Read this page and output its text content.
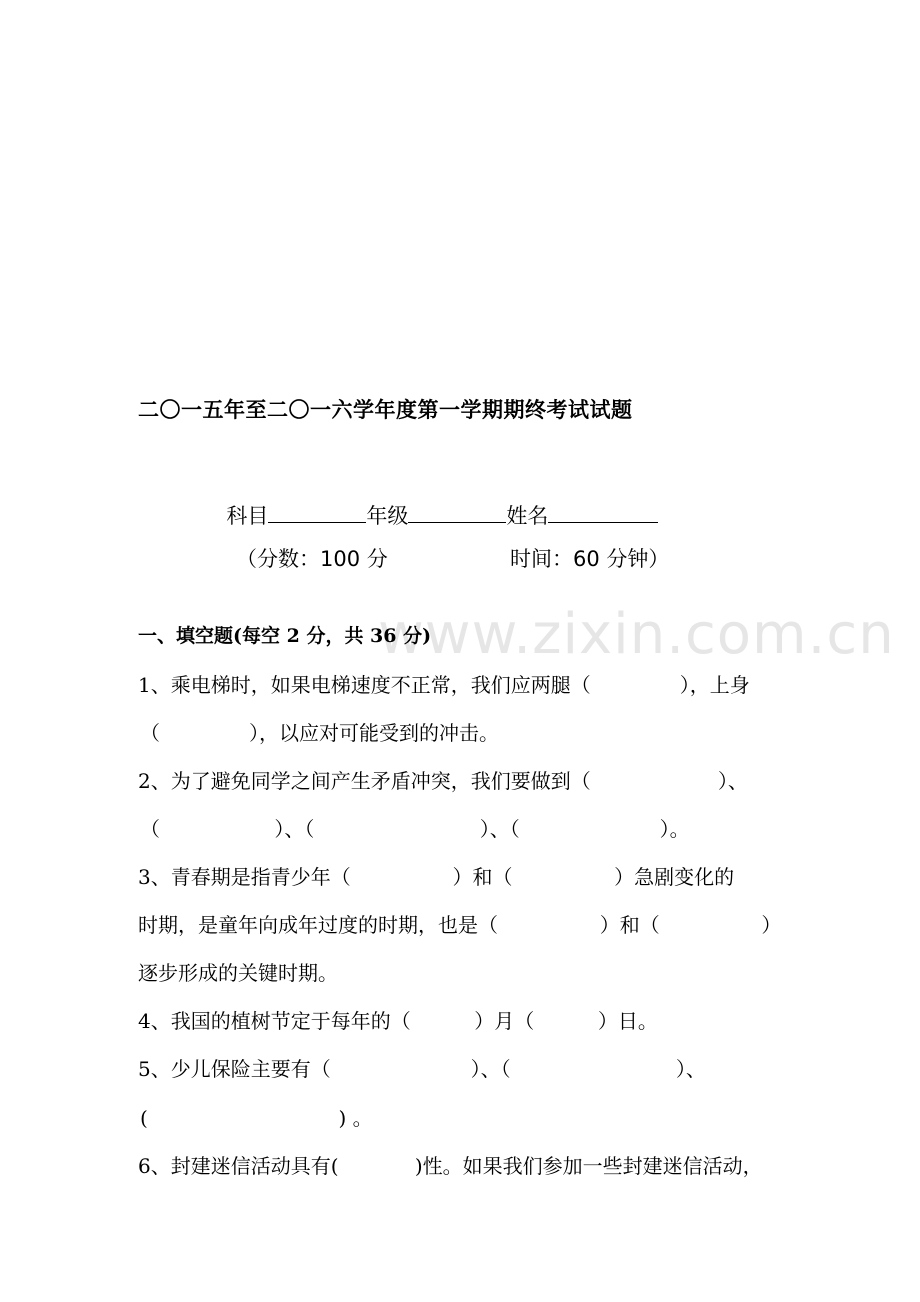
二〇一五年至二〇一六学年度第一学期期终考试试题

科目	年级	姓名

（分数：100 分	时间：60 分钟）
www.zixin.com.cn
一、填空题(每空 2 分，共 36 分)
1、乘电梯时，如果电梯速度不正常，我们应两腿（              ），上身
（              ），以应对可能受到的冲击。
2、为了避免同学之间产生矛盾冲突，我们要做到（                    ）、
（                  ）、（                          ）、（                      ）。
3、青春期是指青少年（                ）和（                ）急剧变化的
时期，是童年向成年过度的时期，也是（                ）和（                ）
逐步形成的关键时期。
4、我国的植树节定于每年的（          ）月（          ）日。
5、少儿保险主要有（                      ）、（                          ）、
(                              ) 。
6、封建迷信活动具有(            )性。如果我们参加一些封建迷信活动，
